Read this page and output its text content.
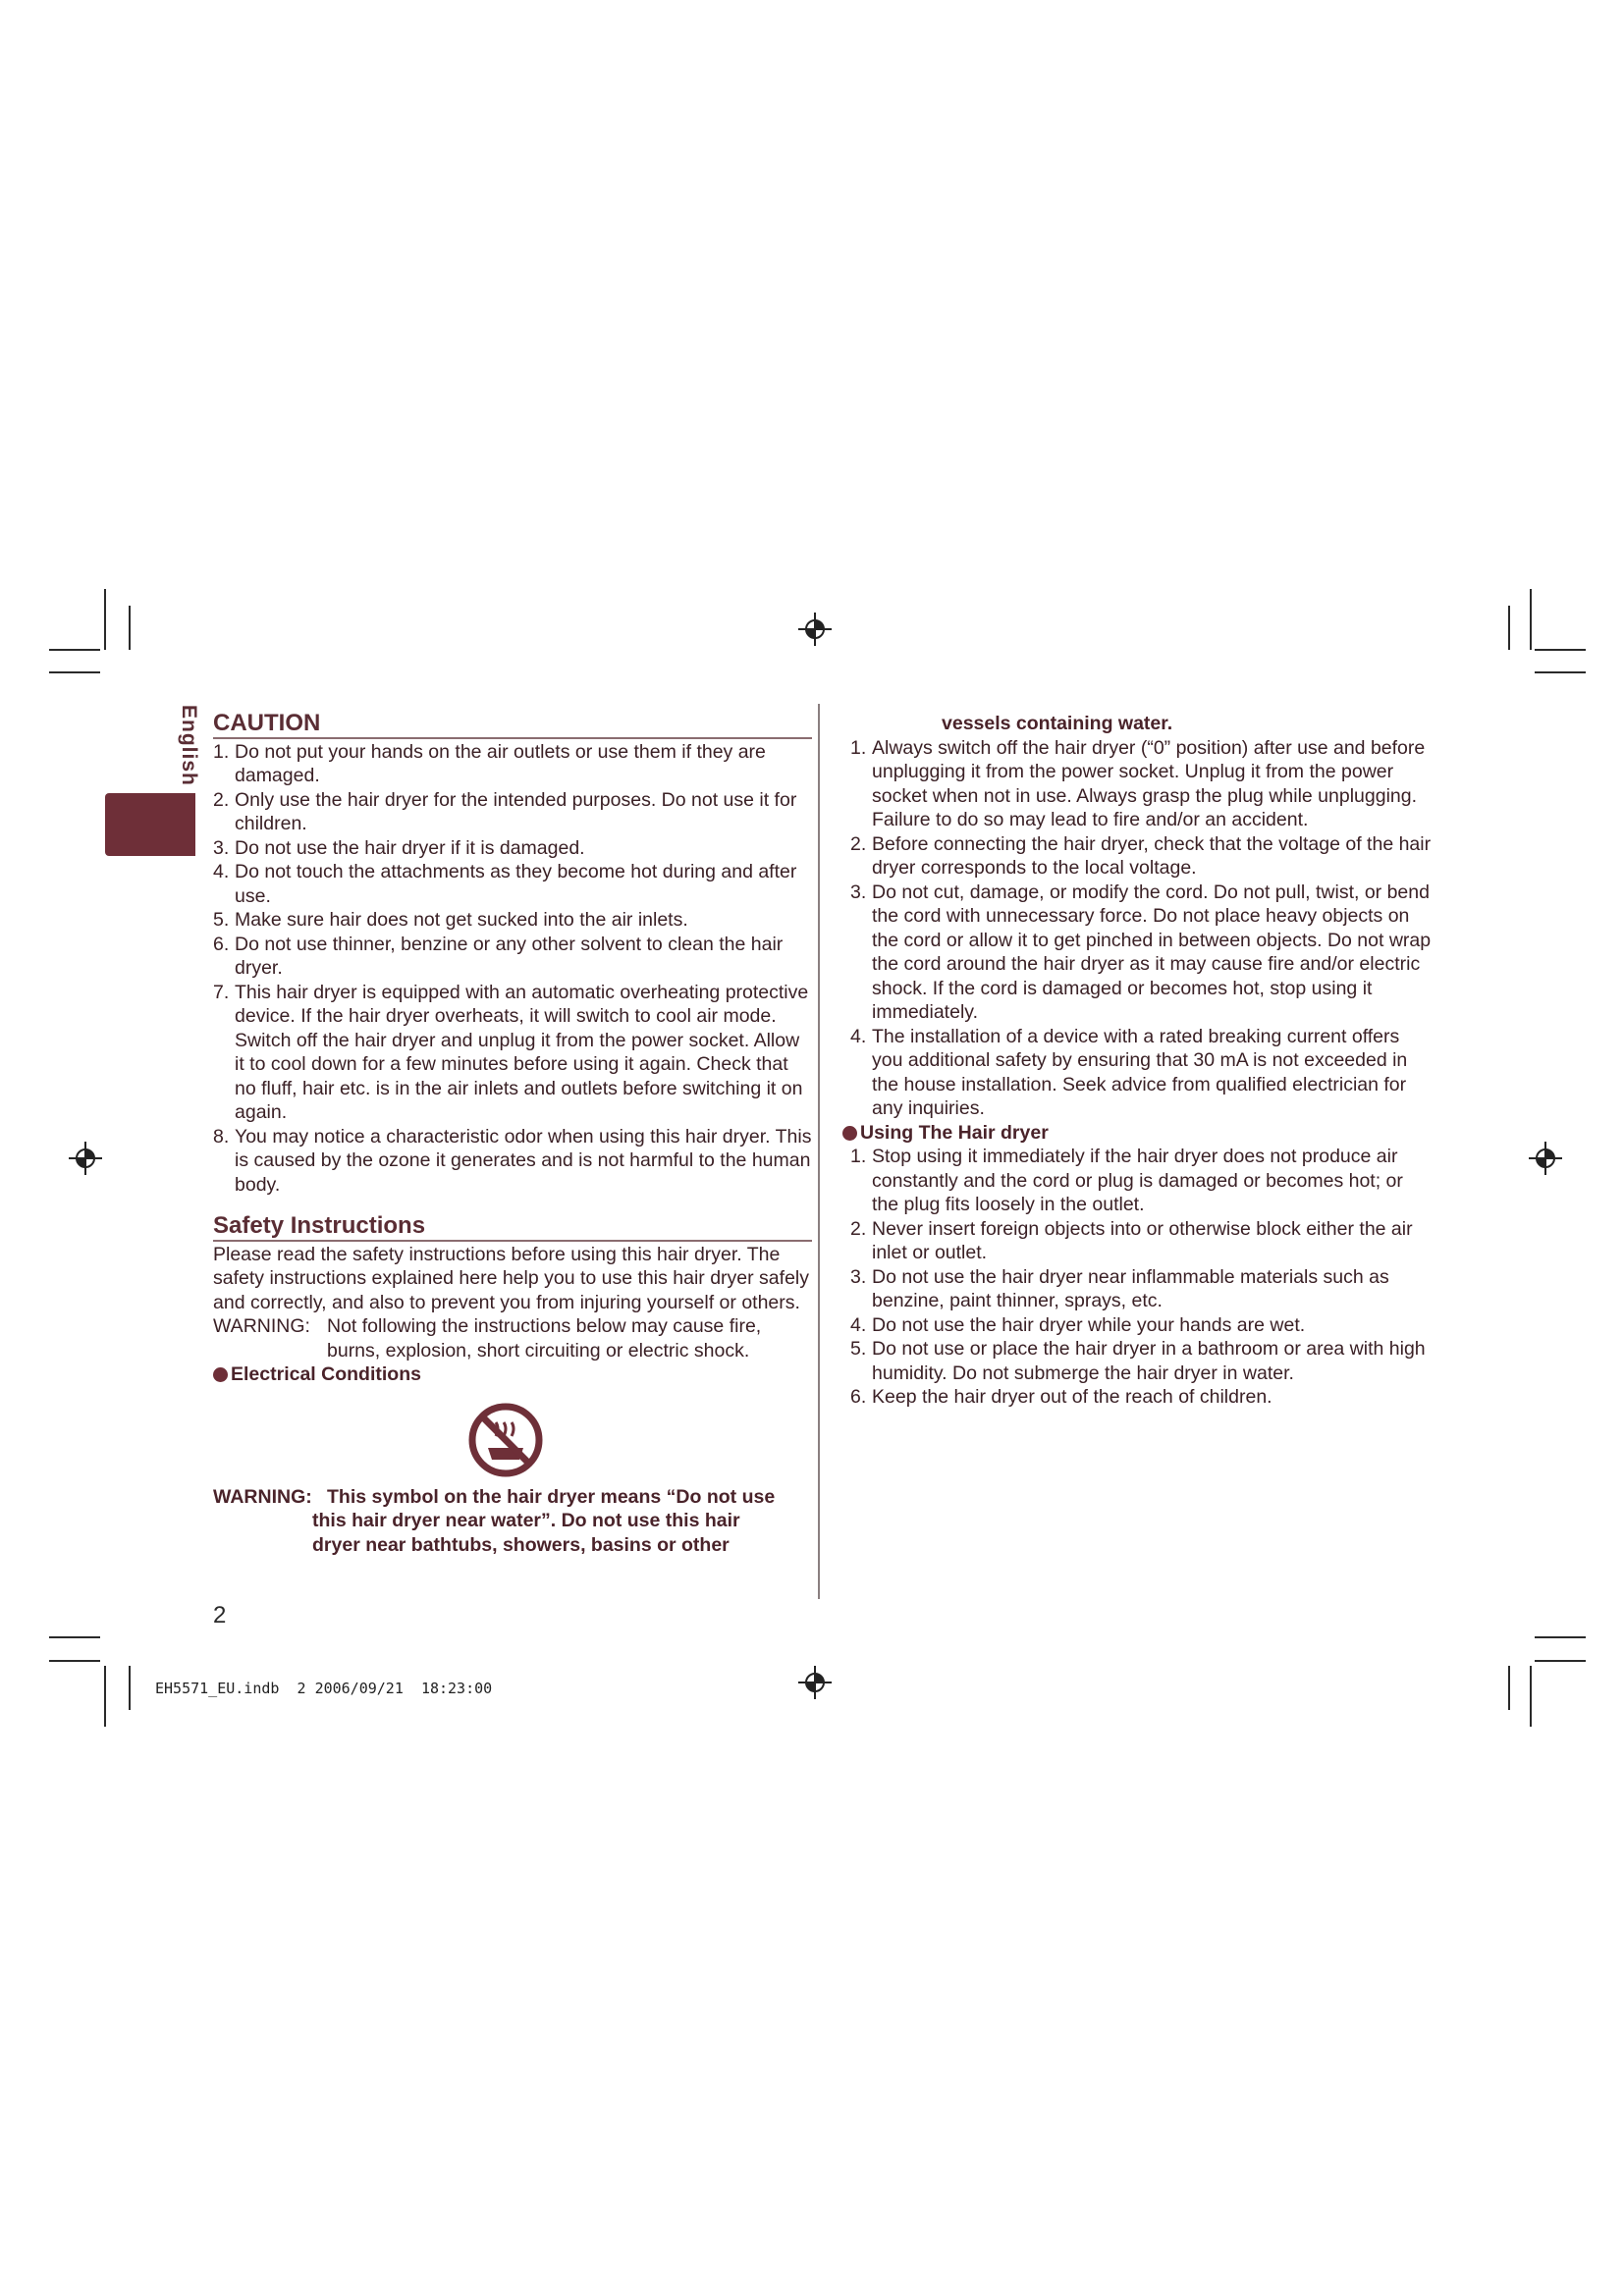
English CAUTION
1. Do not put your hands on the air outlets or use them if they are damaged.
2. Only use the hair dryer for the intended purposes. Do not use it for children.
3. Do not use the hair dryer if it is damaged.
4. Do not touch the attachments as they become hot during and after use.
5. Make sure hair does not get sucked into the air inlets.
6. Do not use thinner, benzine or any other solvent to clean the hair dryer.
7. This hair dryer is equipped with an automatic overheating protective device. If the hair dryer overheats, it will switch to cool air mode. Switch off the hair dryer and unplug it from the power socket. Allow it to cool down for a few minutes before using it again. Check that no fluff, hair etc. is in the air inlets and outlets before switching it on again.
8. You may notice a characteristic odor when using this hair dryer. This is caused by the ozone it generates and is not harmful to the human body.
Safety Instructions

Please read the safety instructions before using this hair dryer. The safety instructions explained here help you to use this hair dryer safely and correctly, and also to prevent you from injuring yourself or others.

WARNING: Not following the instructions below may cause fire, burns, explosion, short circuiting or electric shock.
Electrical Conditions
WARNING: This symbol on the hair dryer means “Do not use
this hair dryer near water”. Do not use this hair
dryer near bathtubs, showers, basins or other
vessels containing water.
1. Always switch off the hair dryer (“0” position) after use and before unplugging it from the power socket. Unplug it from the power socket when not in use. Always grasp the plug while unplugging. Failure to do so may lead to fire and/or an accident.
2. Before connecting the hair dryer, check that the voltage of the hair dryer corresponds to the local voltage.
3. Do not cut, damage, or modify the cord. Do not pull, twist, or bend the cord with unnecessary force. Do not place heavy objects on the cord or allow it to get pinched in between objects. Do not wrap the cord around the hair dryer as it may cause fire and/or electric shock. If the cord is damaged or becomes hot, stop using it immediately.
4. The installation of a device with a rated breaking current offers you additional safety by ensuring that 30 mA is not exceeded in the house installation. Seek advice from qualified electrician for any inquiries.
Using The Hair dryer
1. Stop using it immediately if the hair dryer does not produce air constantly and the cord or plug is damaged or becomes hot; or the plug fits loosely in the outlet.
2. Never insert foreign objects into or otherwise block either the air inlet or outlet.
3. Do not use the hair dryer near inflammable materials such as benzine, paint thinner, sprays, etc.
4. Do not use the hair dryer while your hands are wet.
5. Do not use or place the hair dryer in a bathroom or area with high humidity. Do not submerge the hair dryer in water.
6. Keep the hair dryer out of the reach of children.
2
EH5571_EU.indb 2 2006/09/21 18:23:00
